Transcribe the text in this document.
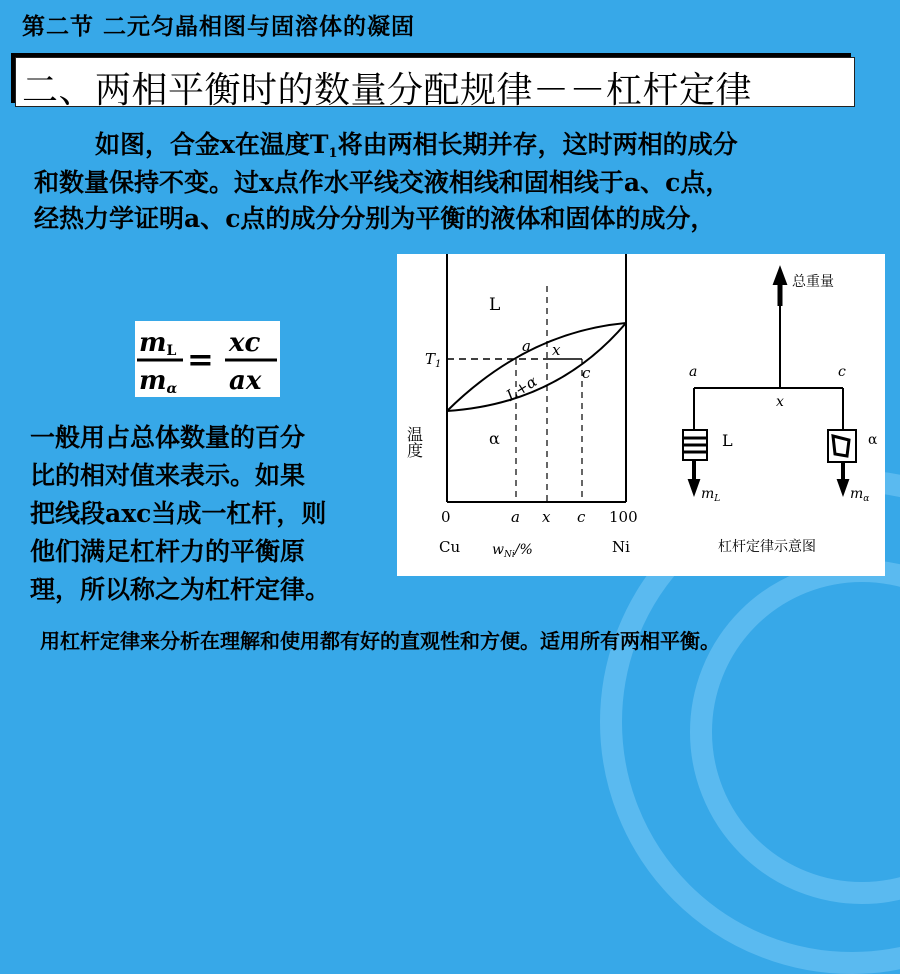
第二节 二元匀晶相图与固溶体的凝固
二、两相平衡时的数量分配规律－－杠杆定律
如图，合金x在温度$T_1$将由两相长期并存，这时两相的成分
和数量保持不变。过x点作水平线交液相线和固相线于a、c点，
经热力学证明a、c点的成分分别为平衡的液体和固体的成分，
mL
mα
= xc
ax
一般用占总体数量的百分
比的相对值来表示。如果
把线段axc当成一杠杆，则
他们满足杠杆力的平衡原
理，所以称之为杠杆定律。
L
L+α
α
$T_1$
a x
c
温度
0	a x c 100
Cu	Ni
$w_{Ni}/\%$
总重量
a
x
c
L	α
$m_L$	$m_\alpha$
杠杆定律示意图
用杠杆定律来分析在理解和使用都有好的直观性和方便。适用所有两相平衡。
